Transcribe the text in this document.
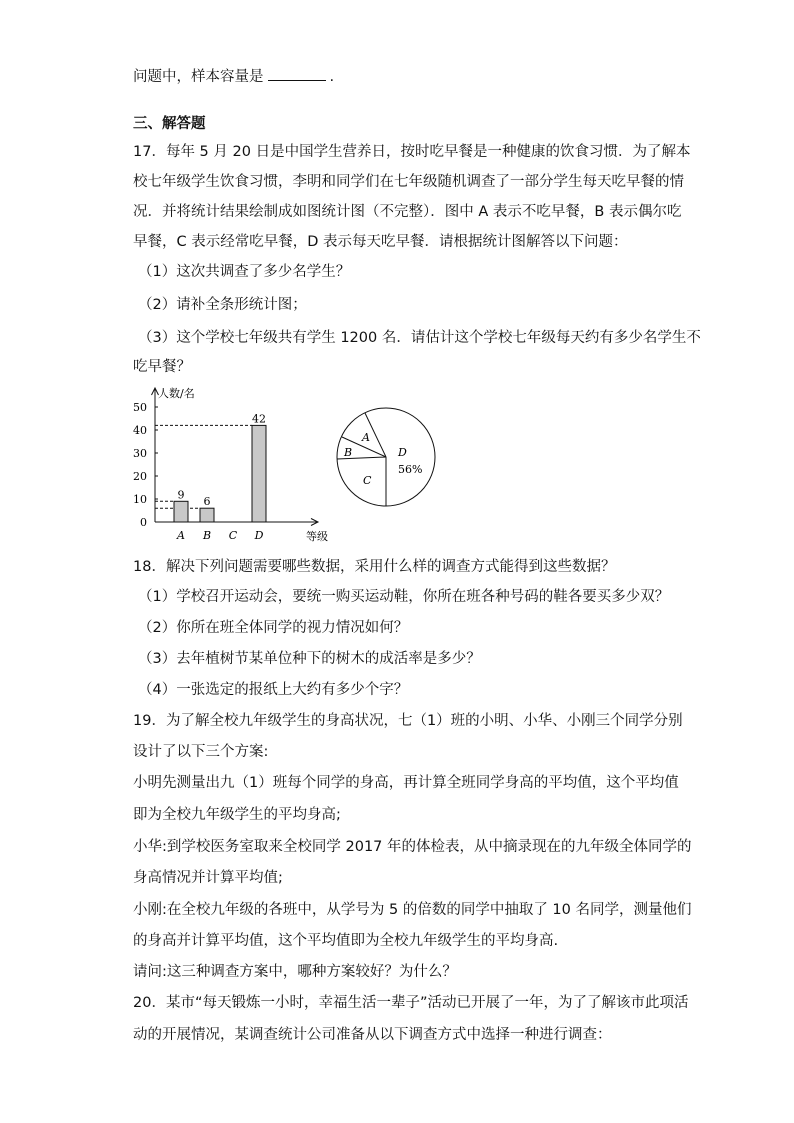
问题中，样本容量是	.
三、解答题
17．每年 5 月 20 日是中国学生营养日，按时吃早餐是一种健康的饮食习惯．为了解本
校七年级学生饮食习惯，李明和同学们在七年级随机调查了一部分学生每天吃早餐的情
况．并将统计结果绘制成如图统计图（不完整）．图中 A 表示不吃早餐，B 表示偶尔吃
早餐，C 表示经常吃早餐，D 表示每天吃早餐．请根据统计图解答以下问题：
（1）这次共调查了多少名学生？
（2）请补全条形统计图；
（3）这个学校七年级共有学生 1200 名．请估计这个学校七年级每天约有多少名学生不
吃早餐？
0
10
20
30
40
50
9
A
6
B C
42
D
人数/名
等级
A
B
C
D
56%
18．解决下列问题需要哪些数据，采用什么样的调查方式能得到这些数据？
（1）学校召开运动会，要统一购买运动鞋，你所在班各种号码的鞋各要买多少双？
（2）你所在班全体同学的视力情况如何？
（3）去年植树节某单位种下的树木的成活率是多少？
（4）一张选定的报纸上大约有多少个字？
19．为了解全校九年级学生的身高状况，七（1）班的小明、小华、小刚三个同学分别
设计了以下三个方案:
小明先测量出九（1）班每个同学的身高，再计算全班同学身高的平均值，这个平均值
即为全校九年级学生的平均身高;
小华:到学校医务室取来全校同学 2017 年的体检表，从中摘录现在的九年级全体同学的
身高情况并计算平均值;
小刚:在全校九年级的各班中，从学号为 5 的倍数的同学中抽取了 10 名同学，测量他们
的身高并计算平均值，这个平均值即为全校九年级学生的平均身高.
请问:这三种调查方案中，哪种方案较好？为什么？
20．某市“每天锻炼一小时，幸福生活一辈子”活动已开展了一年，为了了解该市此项活
动的开展情况，某调查统计公司准备从以下调查方式中选择一种进行调查：
